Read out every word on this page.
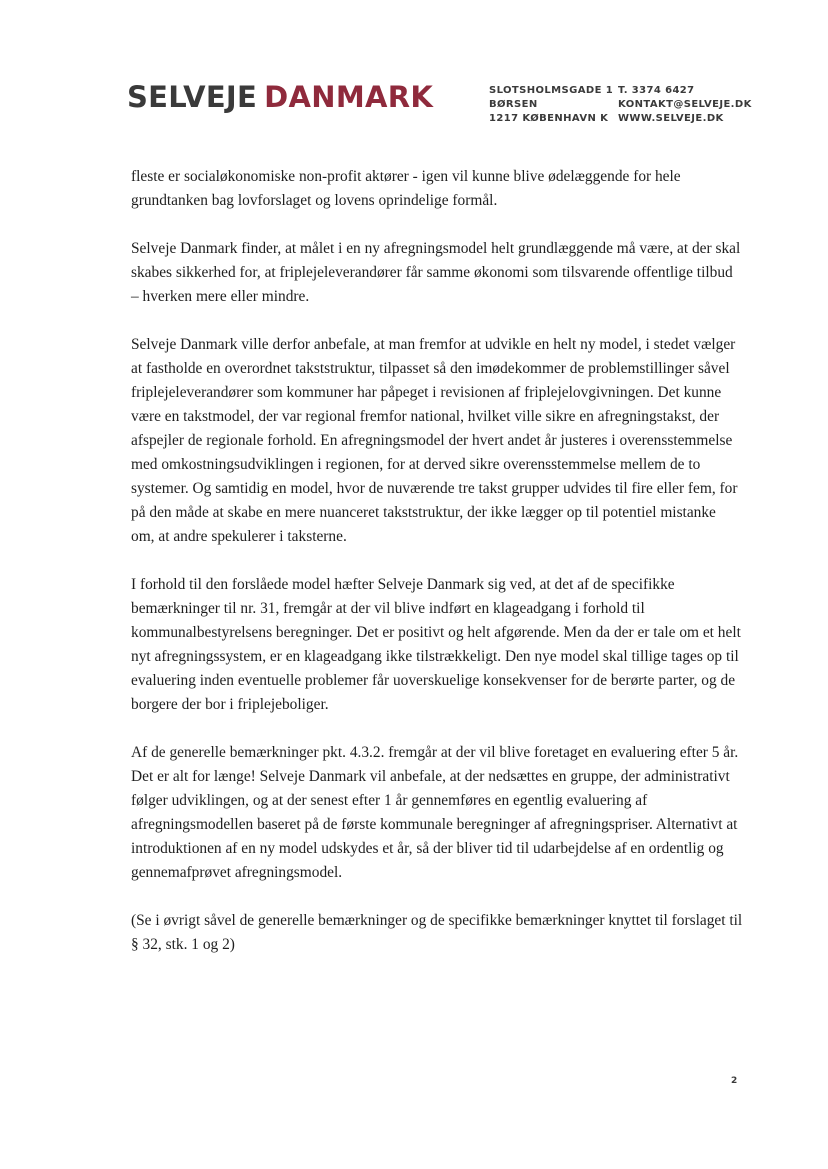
SELVEJE DANMARK	SLOTSHOLMSGADE 1
BØRSEN
1217 KØBENHAVN K
T. 3374 6427
KONTAKT@SELVEJE.DK
WWW.SELVEJE.DK

fleste er socialøkonomiske non-profit aktører - igen vil kunne blive ødelæggende for hele grundtanken bag lovforslaget og lovens oprindelige formål.

Selveje Danmark finder, at målet i en ny afregningsmodel helt grundlæggende må være, at der skal skabes sikkerhed for, at friplejeleverandører får samme økonomi som tilsvarende offentlige tilbud – hverken mere eller mindre.

Selveje Danmark ville derfor anbefale, at man fremfor at udvikle en helt ny model, i stedet vælger at fastholde en overordnet takststruktur, tilpasset så den imødekommer de problemstillinger såvel friplejeleverandører som kommuner har påpeget i revisionen af friplejelovgivningen. Det kunne være en takstmodel, der var regional fremfor national, hvilket ville sikre en afregningstakst, der afspejler de regionale forhold. En afregningsmodel der hvert andet år justeres i overensstemmelse med omkostningsudviklingen i regionen, for at derved sikre overensstemmelse mellem de to systemer. Og samtidig en model, hvor de nuværende tre takst grupper udvides til fire eller fem, for på den måde at skabe en mere nuanceret takststruktur, der ikke lægger op til potentiel mistanke om, at andre spekulerer i taksterne.

I forhold til den forslåede model hæfter Selveje Danmark sig ved, at det af de specifikke bemærkninger til nr. 31, fremgår at der vil blive indført en klageadgang i forhold til kommunalbestyrelsens beregninger. Det er positivt og helt afgørende. Men da der er tale om et helt nyt afregningssystem, er en klageadgang ikke tilstrækkeligt. Den nye model skal tillige tages op til evaluering inden eventuelle problemer får uoverskuelige konsekvenser for de berørte parter, og de borgere der bor i friplejeboliger.

Af de generelle bemærkninger pkt. 4.3.2. fremgår at der vil blive foretaget en evaluering efter 5 år. Det er alt for længe! Selveje Danmark vil anbefale, at der nedsættes en gruppe, der administrativt følger udviklingen, og at der senest efter 1 år gennemføres en egentlig evaluering af afregningsmodellen baseret på de første kommunale beregninger af afregningspriser. Alternativt at introduktionen af en ny model udskydes et år, så der bliver tid til udarbejdelse af en ordentlig og gennemafprøvet afregningsmodel.

(Se i øvrigt såvel de generelle bemærkninger og de specifikke bemærkninger knyttet til forslaget til § 32, stk. 1 og 2)

2
